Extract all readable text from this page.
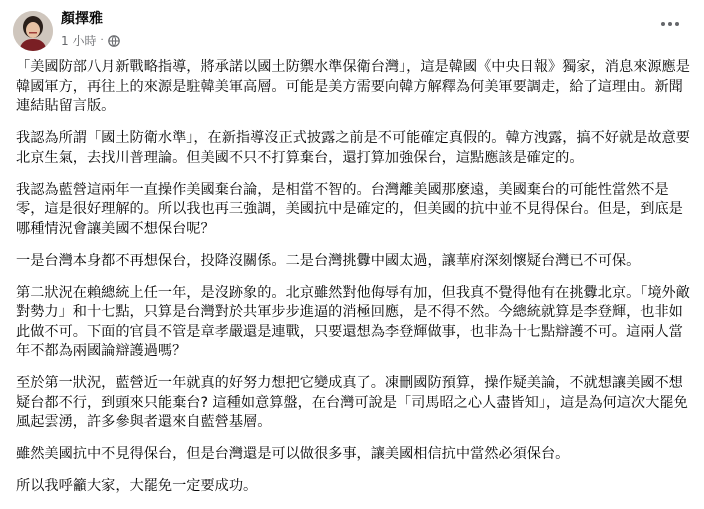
顏擇雅
1 小時 ·

「美國防部八月新戰略指導，將承諾以國土防禦水準保衛台灣」，這是韓國《中央日報》獨家，消息來源應是韓國軍方，再往上的來源是駐韓美軍高層。可能是美方需要向韓方解釋為何美軍要調走，給了這理由。新聞連結貼留言版。

我認為所謂「國土防衛水準」，在新指導沒正式披露之前是不可能確定真假的。韓方洩露，搞不好就是故意要北京生氣，去找川普理論。但美國不只不打算棄台，還打算加強保台，這點應該是確定的。

我認為藍營這兩年一直操作美國棄台論，是相當不智的。台灣離美國那麼遠，美國棄台的可能性當然不是零，這是很好理解的。所以我也再三強調，美國抗中是確定的，但美國的抗中並不見得保台。但是，到底是哪種情況會讓美國不想保台呢？

一是台灣本身都不再想保台，投降沒關係。二是台灣挑釁中國太過，讓華府深刻懷疑台灣已不可保。

第二狀況在賴總統上任一年，是沒跡象的。北京雖然對他侮辱有加，但我真不覺得他有在挑釁北京。「境外敵對勢力」和十七點，只算是台灣對於共軍步步進逼的消極回應，是不得不然。今總統就算是李登輝，也非如此做不可。下面的官員不管是章孝嚴還是連戰，只要還想為李登輝做事，也非為十七點辯護不可。這兩人當年不都為兩國論辯護過嗎？

至於第一狀況，藍營近一年就真的好努力想把它變成真了。凍刪國防預算，操作疑美論，不就想讓美國不想疑台都不行，到頭來只能棄台? 這種如意算盤，在台灣可說是「司馬昭之心人盡皆知」，這是為何這次大罷免風起雲湧，許多參與者還來自藍營基層。

雖然美國抗中不見得保台，但是台灣還是可以做很多事，讓美國相信抗中當然必須保台。

所以我呼籲大家，大罷免一定要成功。
